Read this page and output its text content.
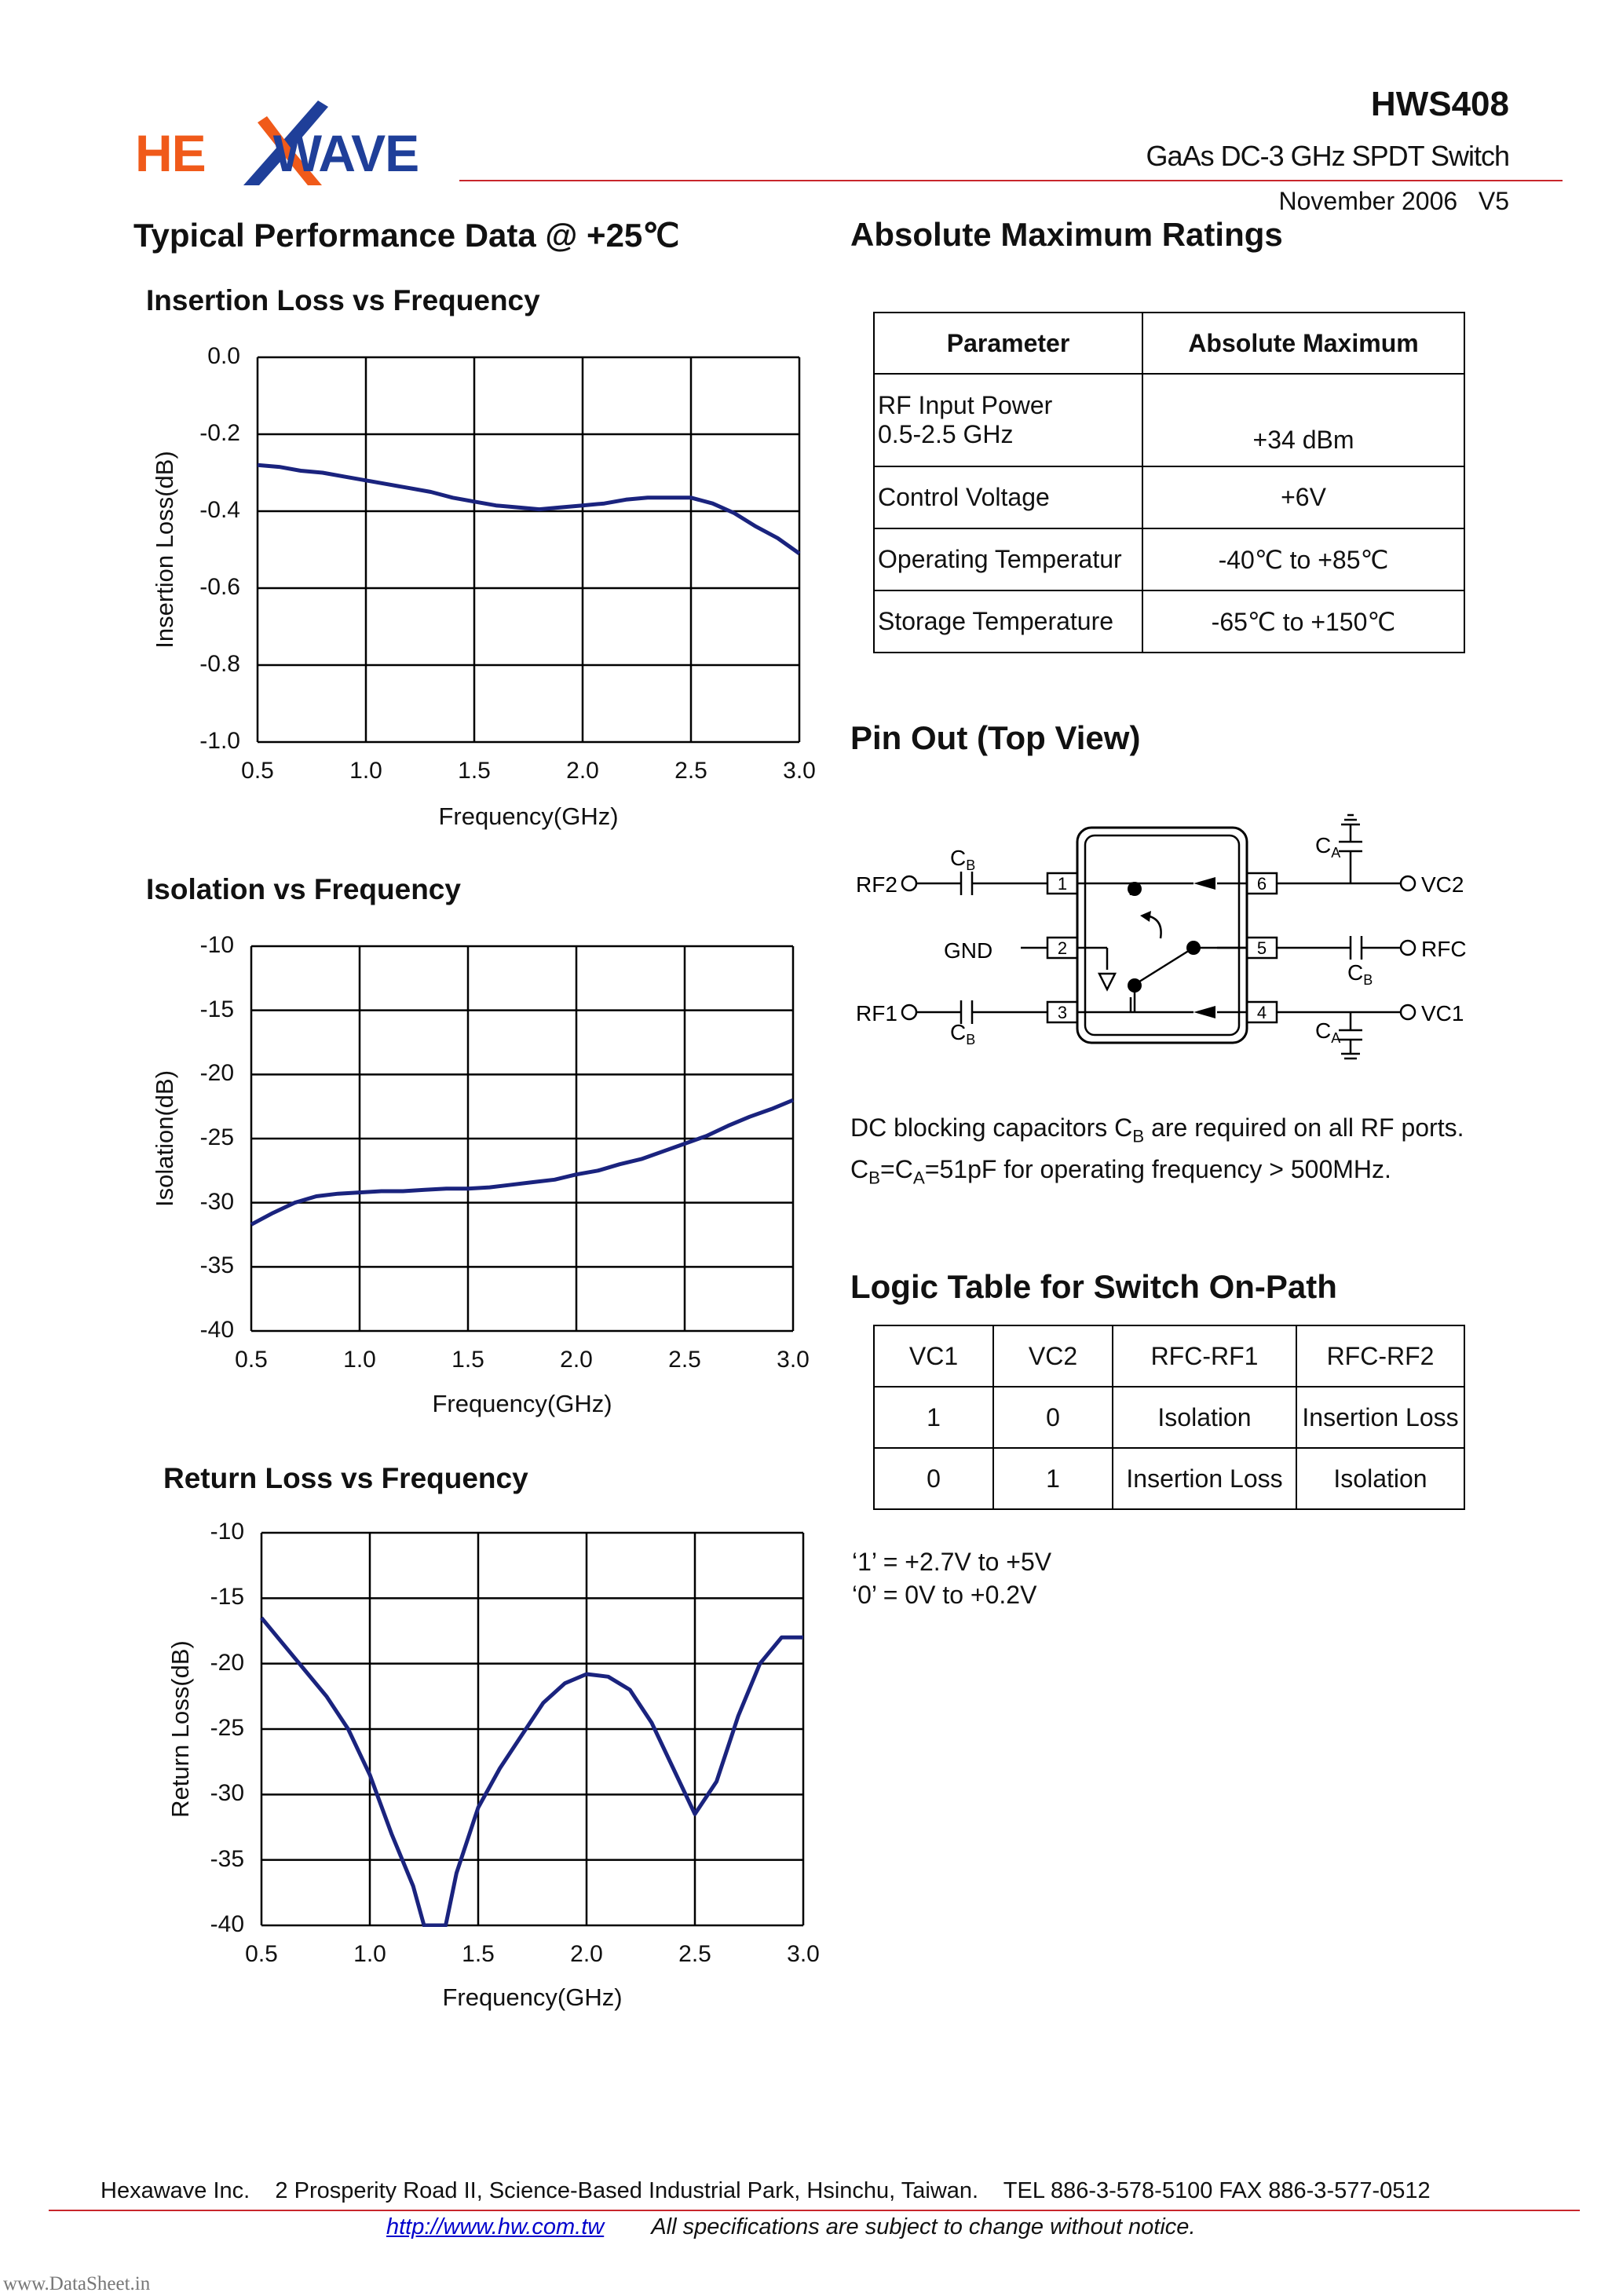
HE WAVE
HWS408
GaAs DC-3 GHz SPDT Switch
November 2006   V5
Typical Performance Data @ +25℃
Insertion Loss vs Frequency
0.0
-0.2
-0.4
-0.6
-0.8
-1.0
0.5	1.0	1.5	2.0	2.5	3.0
Frequency(GHz)
Insertion Loss(dB)
Isolation vs Frequency
-10
-15
-20
-25
-30
-35
-40
0.5	1.0	1.5	2.0	2.5	3.0
Frequency(GHz)
Isolation(dB)
Return Loss vs Frequency
-10
-15
-20
-25
-30
-35
-40
0.5	1.0	1.5	2.0	2.5	3.0
Frequency(GHz)
Return Loss(dB)
Absolute Maximum Ratings
Parameter	Absolute Maximum

RF Input Power
0.5-2.5 GHz	+34 dBm
Control Voltage	+6V
Operating Temperatur	-40℃ to +85℃
Storage Temperature	-65℃ to +150℃
Pin Out (Top View)
RF2
GND
RF1
VC2
RFC
VC1
$C_B$
$C_B$
$C_A$
$C_B$
$C_A$
1
2
3
6
5
4
DC blocking capacitors $C_B$ are required on all RF ports.
$C_B=C_A=51pF$ for operating frequency > 500MHz.
Logic Table for Switch On-Path
VC1	VC2	RFC-RF1	RFC-RF2
1	0	Isolation	Insertion Loss
0	1	Insertion Loss	Isolation
‘1’ = +2.7V to +5V
‘0’ = 0V to +0.2V
Hexawave Inc.    2 Prosperity Road II, Science-Based Industrial Park, Hsinchu, Taiwan.    TEL 886-3-578-5100 FAX 886-3-577-0512
http://www.hw.com.tw All specifications are subject to change without notice.
www.DataSheet.in
